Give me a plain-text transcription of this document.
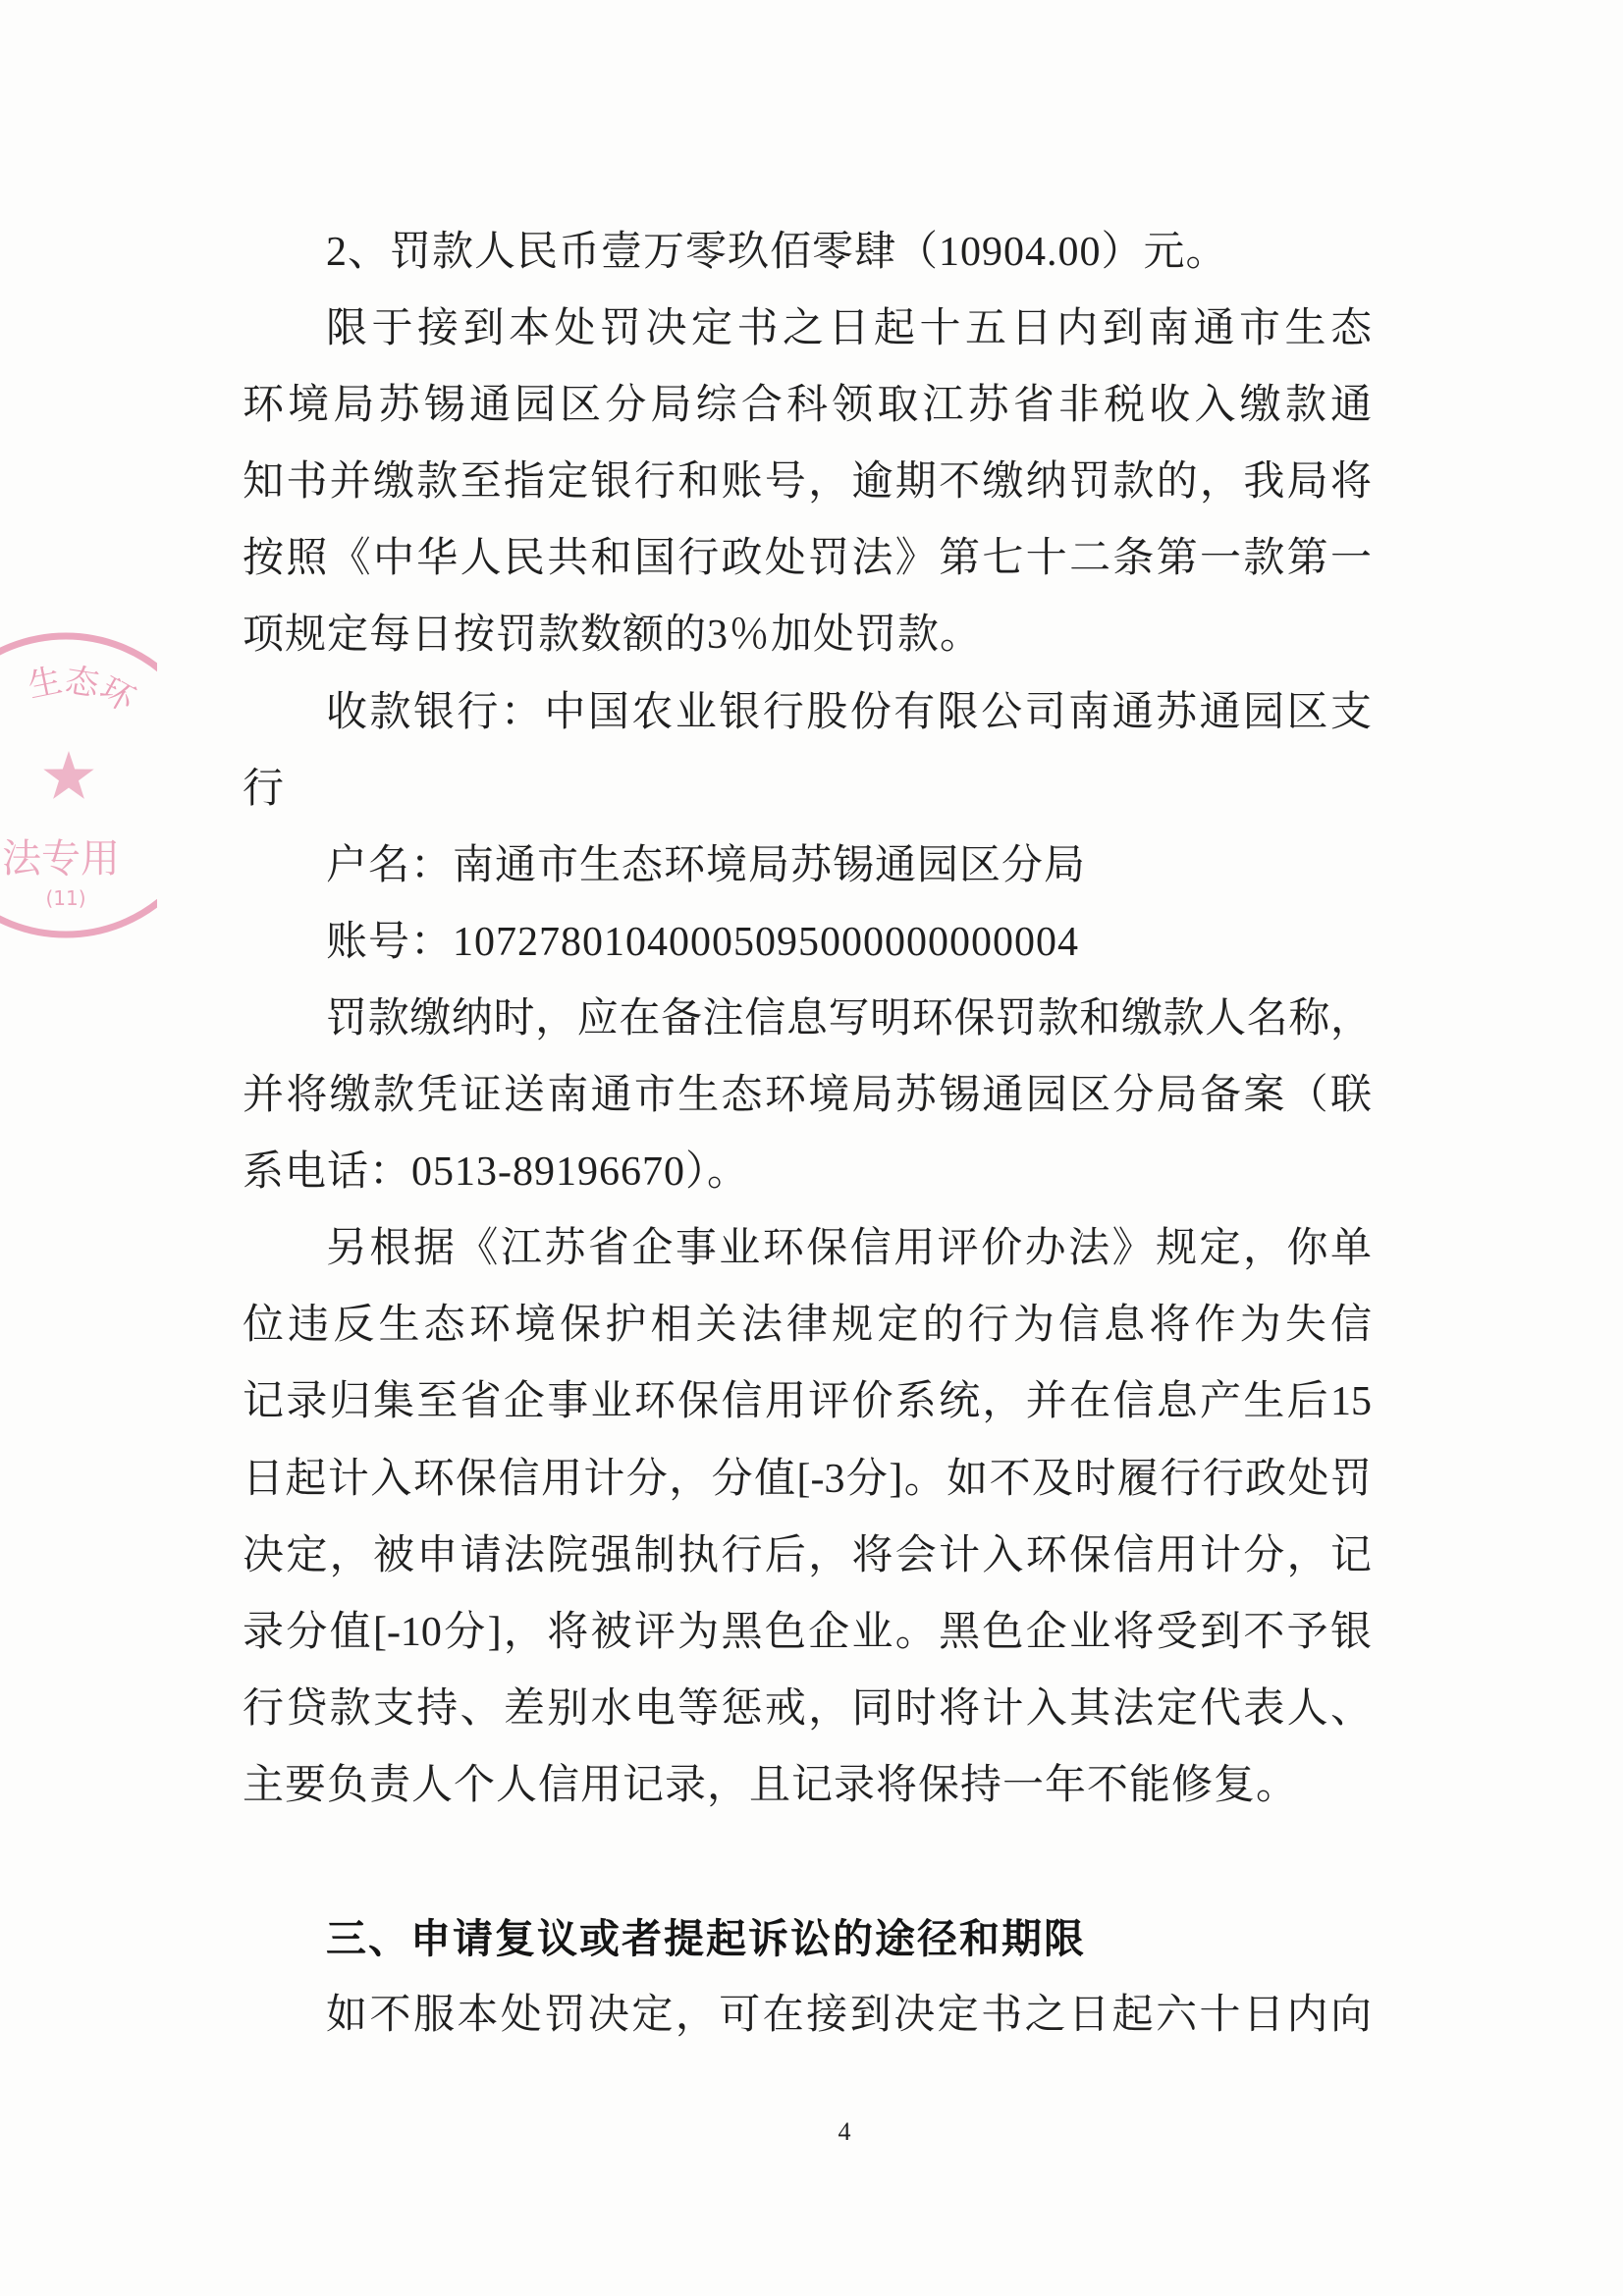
生态环
法专用
(11)
2、罚款人民币壹万零玖佰零肆（10904.00）元。
限于接到本处罚决定书之日起十五日内到南通市生态
环境局苏锡通园区分局综合科领取江苏省非税收入缴款通
知书并缴款至指定银行和账号，逾期不缴纳罚款的，我局将
按照《中华人民共和国行政处罚法》第七十二条第一款第一
项规定每日按罚款数额的3％加处罚款。
收款银行：中国农业银行股份有限公司南通苏通园区支
行
户名：南通市生态环境局苏锡通园区分局
账号：10727801040005095000000000004
罚款缴纳时，应在备注信息写明环保罚款和缴款人名称，
并将缴款凭证送南通市生态环境局苏锡通园区分局备案（联
系电话：0513-89196670）。
另根据《江苏省企事业环保信用评价办法》规定，你单
位违反生态环境保护相关法律规定的行为信息将作为失信
记录归集至省企事业环保信用评价系统，并在信息产生后15
日起计入环保信用计分，分值[-3分]。如不及时履行行政处罚
决定，被申请法院强制执行后，将会计入环保信用计分，记
录分值[-10分]，将被评为黑色企业。黑色企业将受到不予银
行贷款支持、差别水电等惩戒，同时将计入其法定代表人、
主要负责人个人信用记录，且记录将保持一年不能修复。
三、申请复议或者提起诉讼的途径和期限
如不服本处罚决定，可在接到决定书之日起六十日内向
4
